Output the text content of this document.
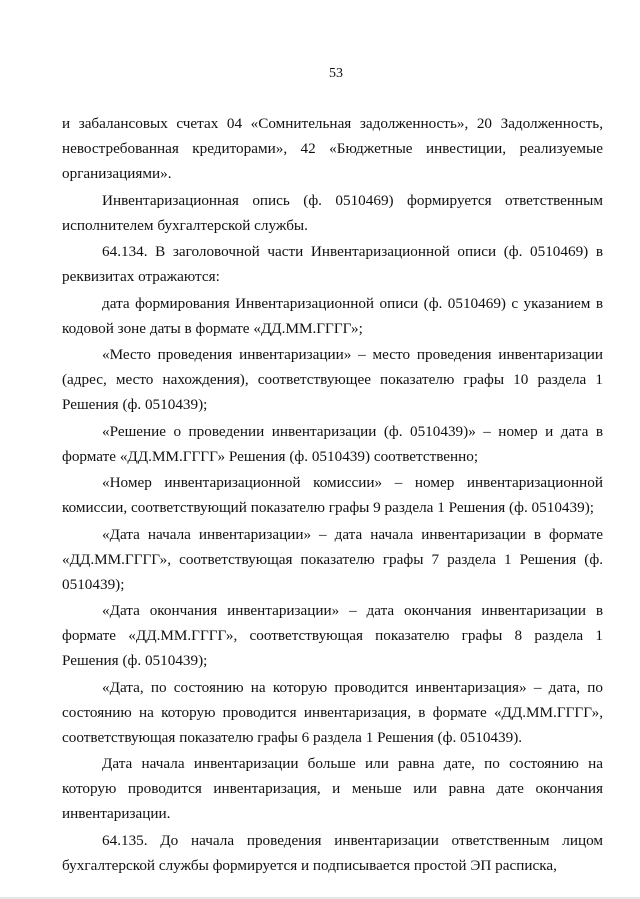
53

и забалансовых счетах 04 «Сомнительная задолженность», 20 Задолженность, невостребованная кредиторами», 42 «Бюджетные инвестиции, реализуемые организациями».

Инвентаризационная опись (ф. 0510469) формируется ответственным исполнителем бухгалтерской службы.

64.134. В заголовочной части Инвентаризационной описи (ф. 0510469) в реквизитах отражаются:

дата формирования Инвентаризационной описи (ф. 0510469) с указанием в кодовой зоне даты в формате «ДД.ММ.ГГГГ»;

«Место проведения инвентаризации» – место проведения инвентаризации (адрес, место нахождения), соответствующее показателю графы 10 раздела 1 Решения (ф. 0510439);

«Решение о проведении инвентаризации (ф. 0510439)» – номер и дата в формате «ДД.ММ.ГГГГ» Решения (ф. 0510439) соответственно;

«Номер инвентаризационной комиссии» – номер инвентаризационной комиссии, соответствующий показателю графы 9 раздела 1 Решения (ф. 0510439);

«Дата начала инвентаризации» – дата начала инвентаризации в формате «ДД.ММ.ГГГГ», соответствующая показателю графы 7 раздела 1 Решения (ф. 0510439);

«Дата окончания инвентаризации» – дата окончания инвентаризации в формате «ДД.ММ.ГГГГ», соответствующая показателю графы 8 раздела 1 Решения (ф. 0510439);

«Дата, по состоянию на которую проводится инвентаризация» – дата, по состоянию на которую проводится инвентаризация, в формате «ДД.ММ.ГГГГ», соответствующая показателю графы 6 раздела 1 Решения (ф. 0510439).

Дата начала инвентаризации больше или равна дате, по состоянию на которую проводится инвентаризация, и меньше или равна дате окончания инвентаризации.

64.135. До начала проведения инвентаризации ответственным лицом бухгалтерской службы формируется и подписывается простой ЭП расписка,
